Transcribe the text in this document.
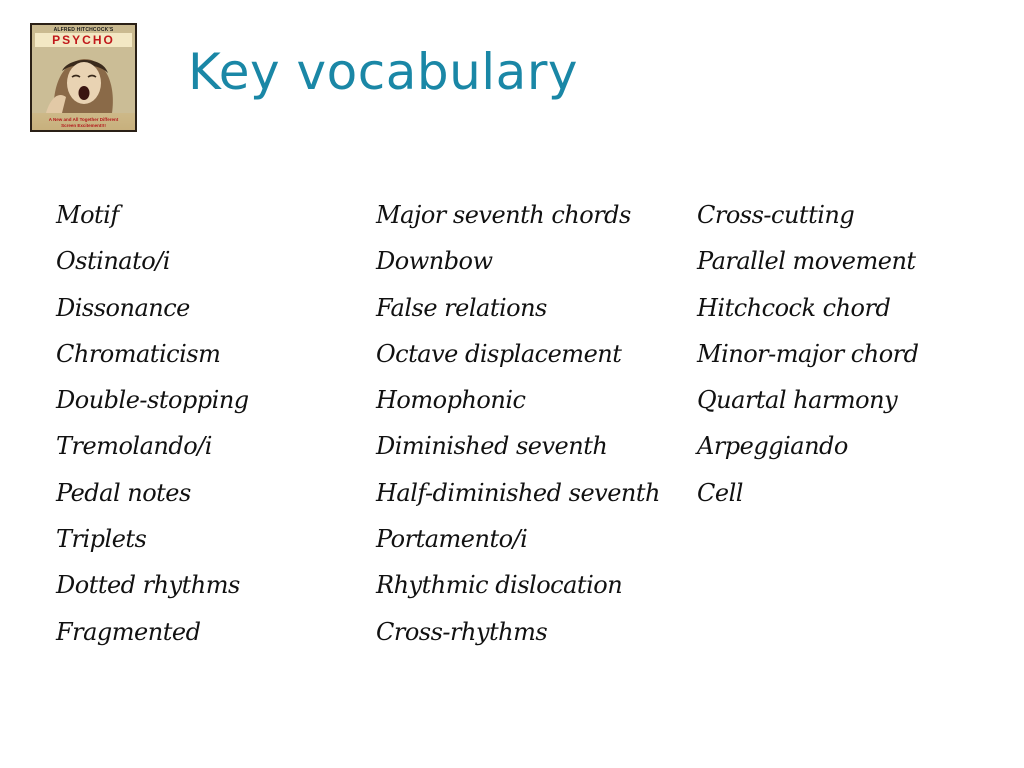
ALFRED HITCHCOCK'S
PSYCHO
A New and All Together Different
Screen Excitement!!!
Key vocabulary
Motif
Ostinato/i
Dissonance
Chromaticism
Double-stopping
Tremolando/i
Pedal notes
Triplets
Dotted rhythms
Fragmented
Major seventh chords
Downbow
False relations
Octave displacement
Homophonic
Diminished seventh
Half-diminished seventh
Portamento/i
Rhythmic dislocation
Cross-rhythms
Cross-cutting
Parallel movement
Hitchcock chord
Minor-major chord
Quartal harmony
Arpeggiando
Cell
